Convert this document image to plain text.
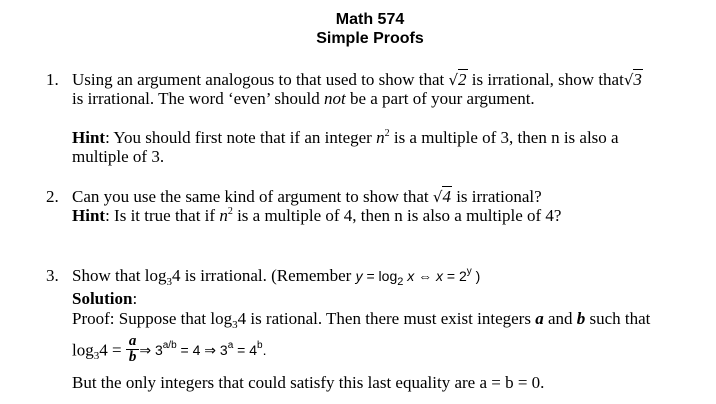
Math 574
Simple Proofs
1. Using an argument analogous to that used to show that √2 is irrational, show that√3
is irrational. The word ‘even’ should not be a part of your argument.
Hint: You should first note that if an integer $n^2$ is a multiple of 3, then n is also a
multiple of 3.
2. Can you use the same kind of argument to show that √4 is irrational?
Hint: Is it true that if $n^2$ is a multiple of 4, then n is also a multiple of 4?
3. Show that $\log_34$ is irrational. (Remember $y = \log_2 x$ ⇔ $x = 2^y$ )
Solution:
Proof: Suppose that $\log_34$ is rational. Then there must exist integers a and b such that
$\log_34 = \frac{a}{b}$ ⇒ $3^{a/b} = 4$ ⇒ $3^a = 4^b$.
But the only integers that could satisfy this last equality are a = b = 0.
